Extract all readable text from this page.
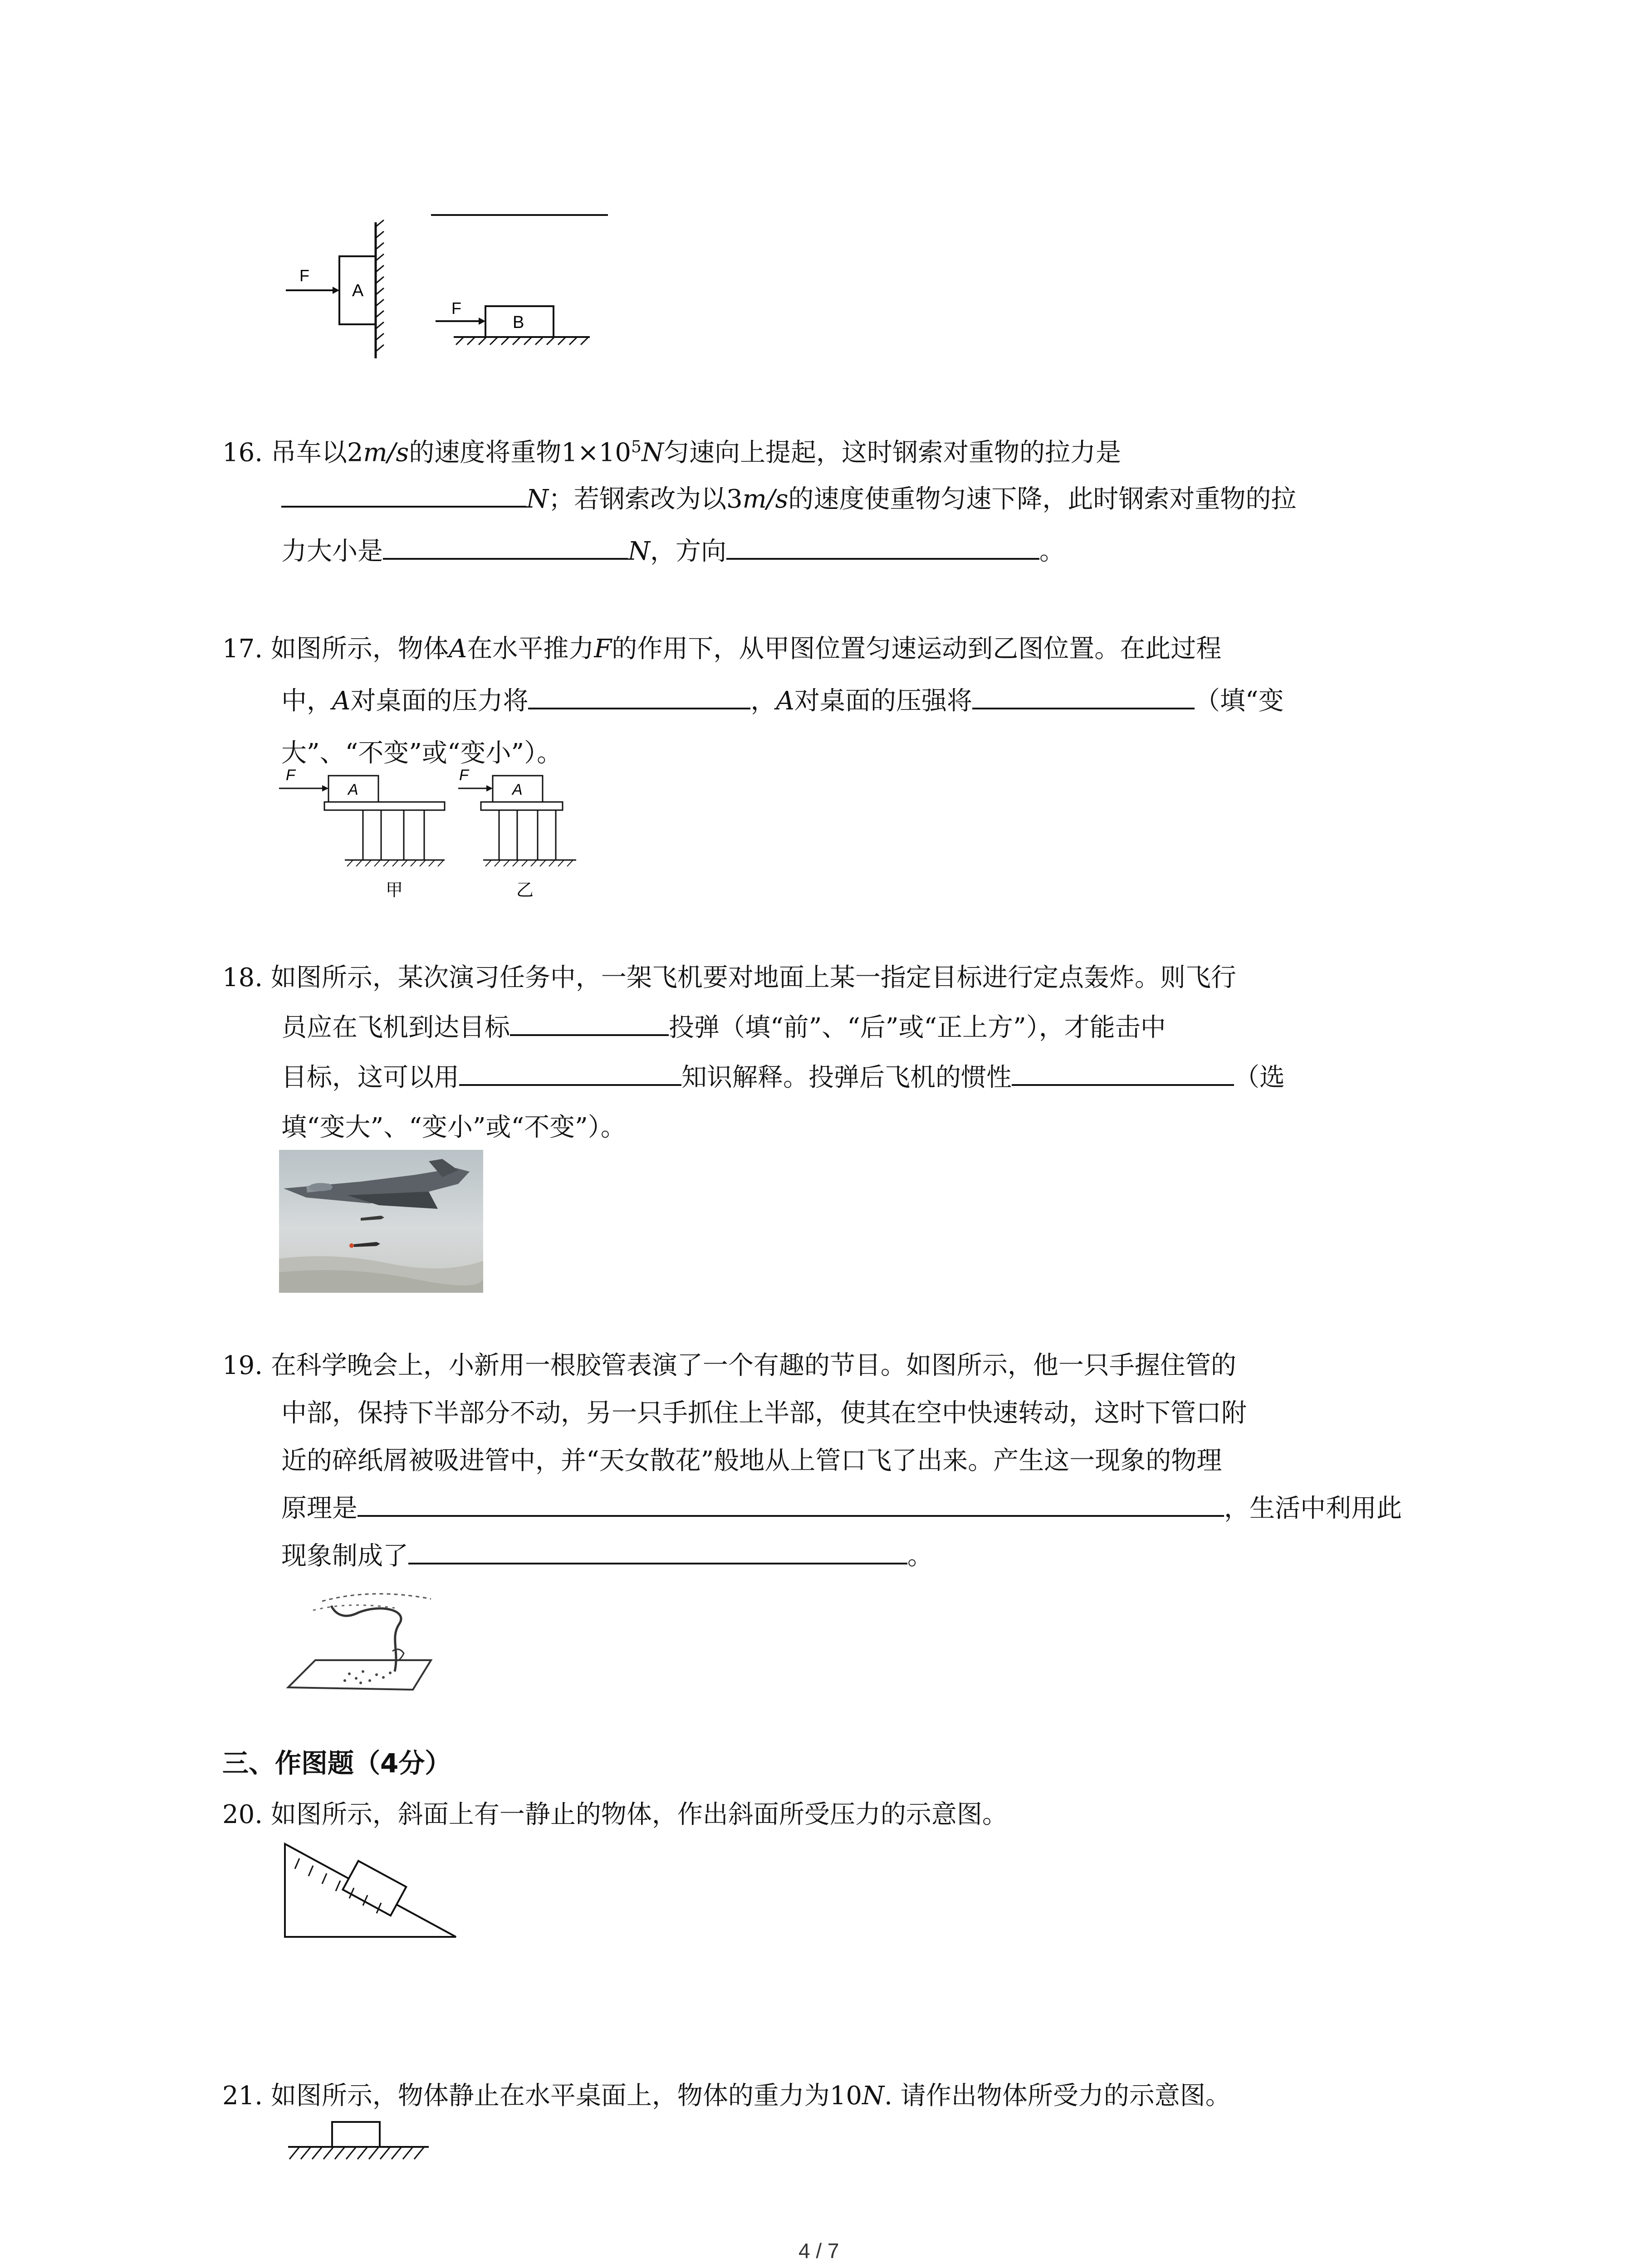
F
A
F
B
16. 吊车以2m/s的速度将重物$1\times 10^5N$匀速向上提起，这时钢索对重物的拉力是
N；若钢索改为以3m/s的速度使重物匀速下降，此时钢索对重物的拉
力大小是	N，方向	。
17. 如图所示，物体A在水平推力F的作用下，从甲图位置匀速运动到乙图位置。在此过程
中，A对桌面的压力将	，A对桌面的压强将	（填“变
大”、“不变”或“变小”）。
F
A
甲
F
A
乙
18. 如图所示，某次演习任务中，一架飞机要对地面上某一指定目标进行定点轰炸。则飞行
员应在飞机到达目标	投弹（填“前”、“后”或“正上方”），才能击中
目标，这可以用	知识解释。投弹后飞机的惯性	（选
填“变大”、“变小”或“不变”）。
19. 在科学晚会上，小新用一根胶管表演了一个有趣的节目。如图所示，他一只手握住管的
中部，保持下半部分不动，另一只手抓住上半部，使其在空中快速转动，这时下管口附
近的碎纸屑被吸进管中，并“天女散花”般地从上管口飞了出来。产生这一现象的物理
原理是	，生活中利用此
现象制成了	。
三、作图题（4分）
20. 如图所示，斜面上有一静止的物体，作出斜面所受压力的示意图。
21. 如图所示，物体静止在水平桌面上，物体的重力为10N. 请作出物体所受力的示意图。
4 / 7
